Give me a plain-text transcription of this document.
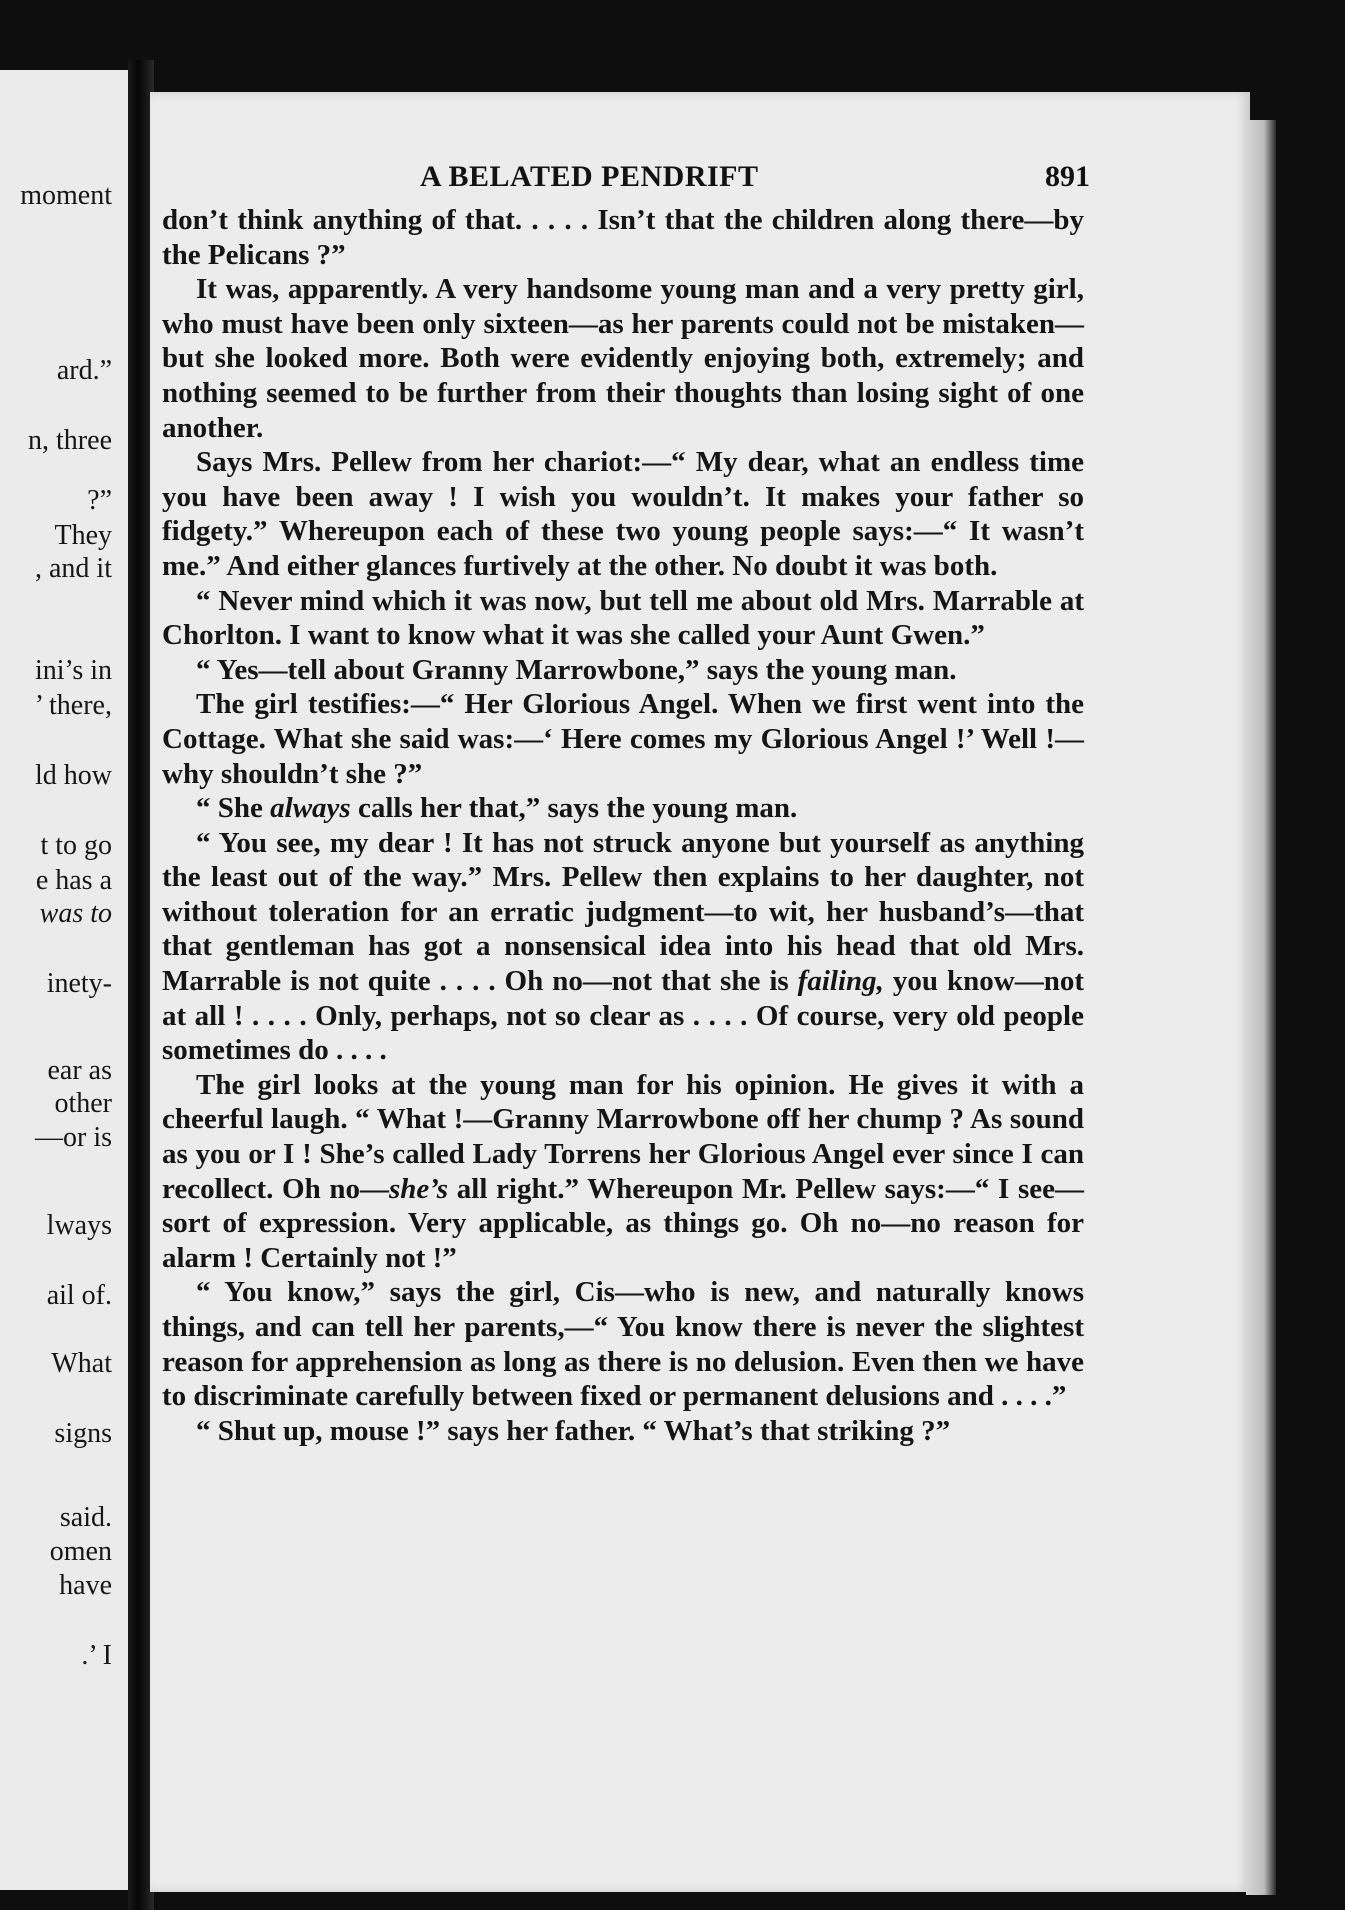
moment
ard.”
n, three
?”
They
, and it
ini’s in
’ there,
ld how
t to go
e has a
was to
inety-
ear as
other
—or is
lways
ail of.
What
signs
said.
omen
have
.’ I
A BELATED PENDRIFT	891

don’t think anything of that. . . . . Isn’t that the children along there—by the Pelicans ?”

It was, apparently. A very handsome young man and a very pretty girl, who must have been only sixteen—as her parents could not be mistaken—but she looked more. Both were evidently enjoying both, extremely; and nothing seemed to be further from their thoughts than losing sight of one another.

Says Mrs. Pellew from her chariot:—“ My dear, what an endless time you have been away ! I wish you wouldn’t. It makes your father so fidgety.” Whereupon each of these two young people says:—“ It wasn’t me.” And either glances furtively at the other. No doubt it was both.

“ Never mind which it was now, but tell me about old Mrs. Marrable at Chorlton. I want to know what it was she called your Aunt Gwen.”

“ Yes—tell about Granny Marrowbone,” says the young man.

The girl testifies:—“ Her Glorious Angel. When we first went into the Cottage. What she said was:—‘ Here comes my Glorious Angel !’ Well !—why shouldn’t she ?”

“ She always calls her that,” says the young man.

“ You see, my dear ! It has not struck anyone but yourself as anything the least out of the way.” Mrs. Pellew then explains to her daughter, not without toleration for an erratic judgment—to wit, her husband’s—that that gentleman has got a nonsensical idea into his head that old Mrs. Marrable is not quite . . . . Oh no—not that she is failing, you know—not at all ! . . . . Only, perhaps, not so clear as . . . . Of course, very old people sometimes do . . . .

The girl looks at the young man for his opinion. He gives it with a cheerful laugh. “ What !—Granny Marrowbone off her chump ? As sound as you or I ! She’s called Lady Torrens her Glorious Angel ever since I can recollect. Oh no—she’s all right.” Whereupon Mr. Pellew says:—“ I see—sort of expression. Very applicable, as things go. Oh no—no reason for alarm ! Certainly not !”

“ You know,” says the girl, Cis—who is new, and naturally knows things, and can tell her parents,—“ You know there is never the slightest reason for apprehension as long as there is no delusion. Even then we have to discriminate carefully between fixed or permanent delusions and . . . .”

“ Shut up, mouse !” says her father. “ What’s that striking ?”
